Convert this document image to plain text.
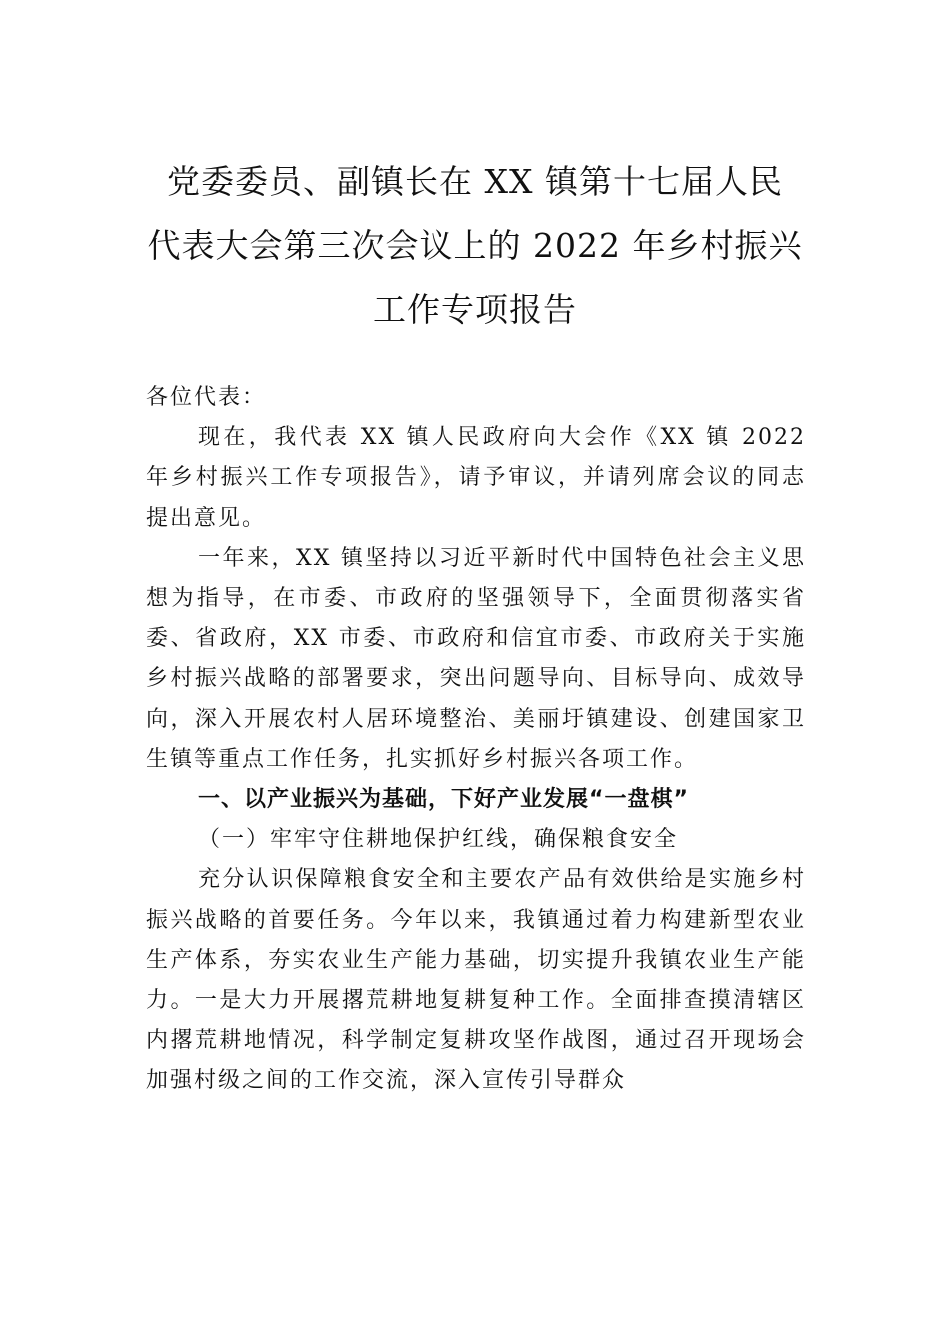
党委委员、副镇长在 XX 镇第十七届人民
代表大会第三次会议上的 2022 年乡村振兴
工作专项报告

各位代表：

现在，我代表 XX 镇人民政府向大会作《XX 镇 2022 年乡村振兴工作专项报告》，请予审议，并请列席会议的同志提出意见。

一年来，XX 镇坚持以习近平新时代中国特色社会主义思想为指导，在市委、市政府的坚强领导下，全面贯彻落实省委、省政府，XX 市委、市政府和信宜市委、市政府关于实施乡村振兴战略的部署要求，突出问题导向、目标导向、成效导向，深入开展农村人居环境整治、美丽圩镇建设、创建国家卫生镇等重点工作任务，扎实抓好乡村振兴各项工作。

一、以产业振兴为基础，下好产业发展“一盘棋”

（一）牢牢守住耕地保护红线，确保粮食安全

充分认识保障粮食安全和主要农产品有效供给是实施乡村振兴战略的首要任务。今年以来，我镇通过着力构建新型农业生产体系，夯实农业生产能力基础，切实提升我镇农业生产能力。一是大力开展撂荒耕地复耕复种工作。全面排查摸清辖区内撂荒耕地情况，科学制定复耕攻坚作战图，通过召开现场会加强村级之间的工作交流，深入宣传引导群众
